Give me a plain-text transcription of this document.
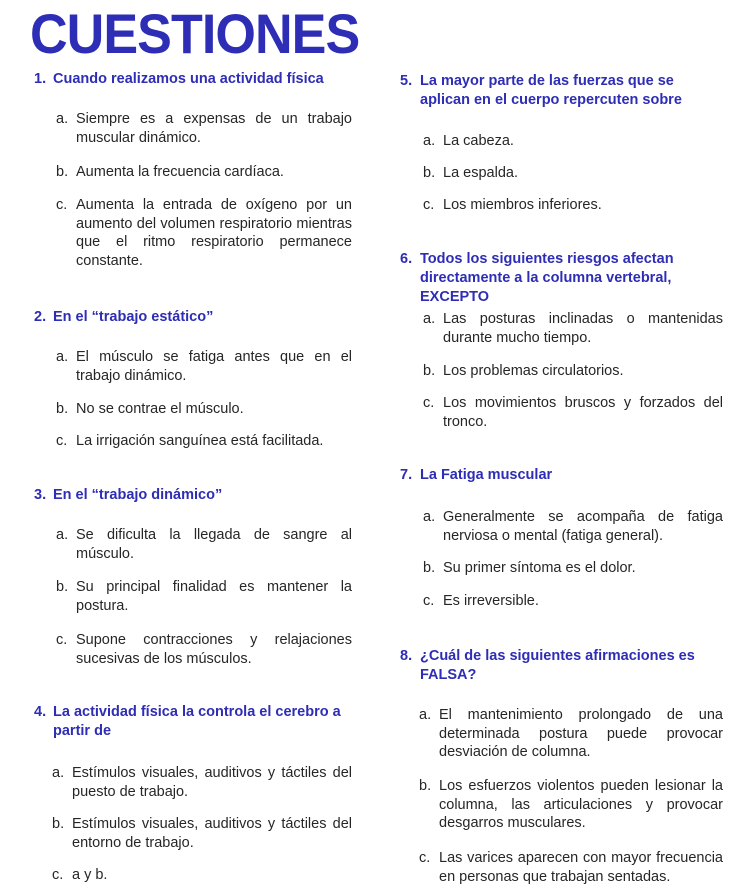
CUESTIONES
1. Cuando realizamos una actividad física
a. Siempre es a expensas de un trabajo muscular dinámico.
b. Aumenta la frecuencia cardíaca.
c. Aumenta la entrada de oxígeno por un aumento del volumen respiratorio mientras que el ritmo respiratorio permanece constante.
2. En el “trabajo estático”
a. El músculo se fatiga antes que en el trabajo dinámico.
b. No se contrae el músculo.
c. La irrigación sanguínea está facilitada.
3. En el “trabajo dinámico”
a. Se dificulta la llegada de sangre al músculo.
b. Su principal finalidad es mantener la postura.
c. Supone contracciones y relajaciones sucesivas de los músculos.
4. La actividad física la controla el cerebro a partir de
a. Estímulos visuales, auditivos y táctiles del puesto de trabajo.
b. Estímulos visuales, auditivos y táctiles del entorno de trabajo.
c. a y b.
5. La mayor parte de las fuerzas que se aplican en el cuerpo repercuten sobre
a. La cabeza.
b. La espalda.
c. Los miembros inferiores.
6. Todos los siguientes riesgos afectan directamente a la columna vertebral, EXCEPTO
a. Las posturas inclinadas o mantenidas durante mucho tiempo.
b. Los problemas circulatorios.
c. Los movimientos bruscos y forzados del tronco.
7. La Fatiga muscular
a. Generalmente se acompaña de fatiga nerviosa o mental (fatiga general).
b. Su primer síntoma es el dolor.
c. Es irreversible.
8. ¿Cuál de las siguientes afirmaciones es FALSA?
a. El mantenimiento prolongado de una determinada postura puede provocar desviación de columna.
b. Los esfuerzos violentos pueden lesionar la columna, las articulaciones y provocar desgarros musculares.
c. Las varices aparecen con mayor frecuencia en personas que trabajan sentadas.
